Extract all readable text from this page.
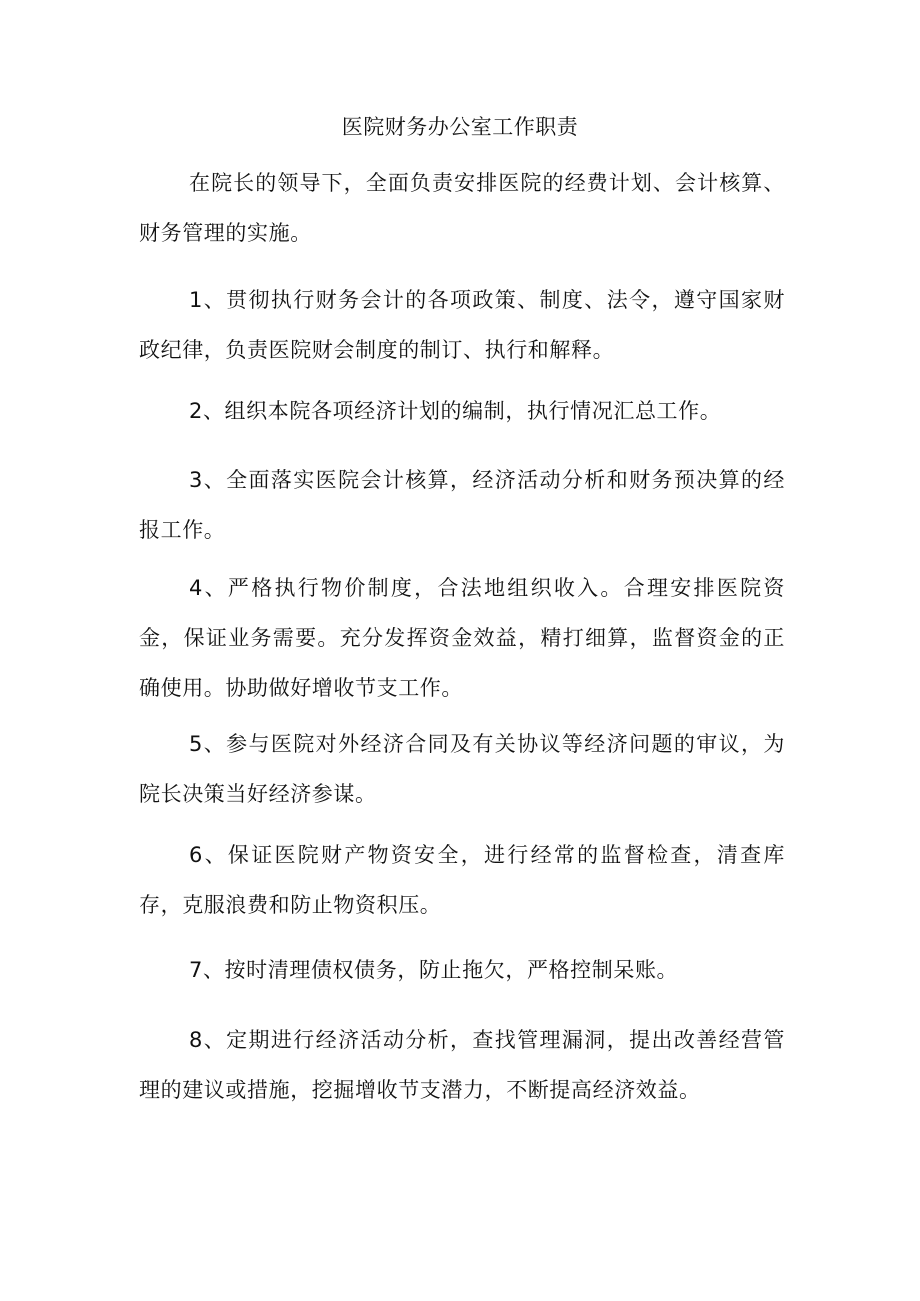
医院财务办公室工作职责

在院长的领导下，全面负责安排医院的经费计划、会计核算、财务管理的实施。

1、贯彻执行财务会计的各项政策、制度、法令，遵守国家财政纪律，负责医院财会制度的制订、执行和解释。

2、组织本院各项经济计划的编制，执行情况汇总工作。

3、全面落实医院会计核算，经济活动分析和财务预决算的经报工作。

4、严格执行物价制度，合法地组织收入。合理安排医院资金，保证业务需要。充分发挥资金效益，精打细算，监督资金的正确使用。协助做好增收节支工作。

5、参与医院对外经济合同及有关协议等经济问题的审议，为院长决策当好经济参谋。

6、保证医院财产物资安全，进行经常的监督检查，清查库存，克服浪费和防止物资积压。

7、按时清理债权债务，防止拖欠，严格控制呆账。

8、定期进行经济活动分析，查找管理漏洞，提出改善经营管理的建议或措施，挖掘增收节支潜力，不断提高经济效益。
